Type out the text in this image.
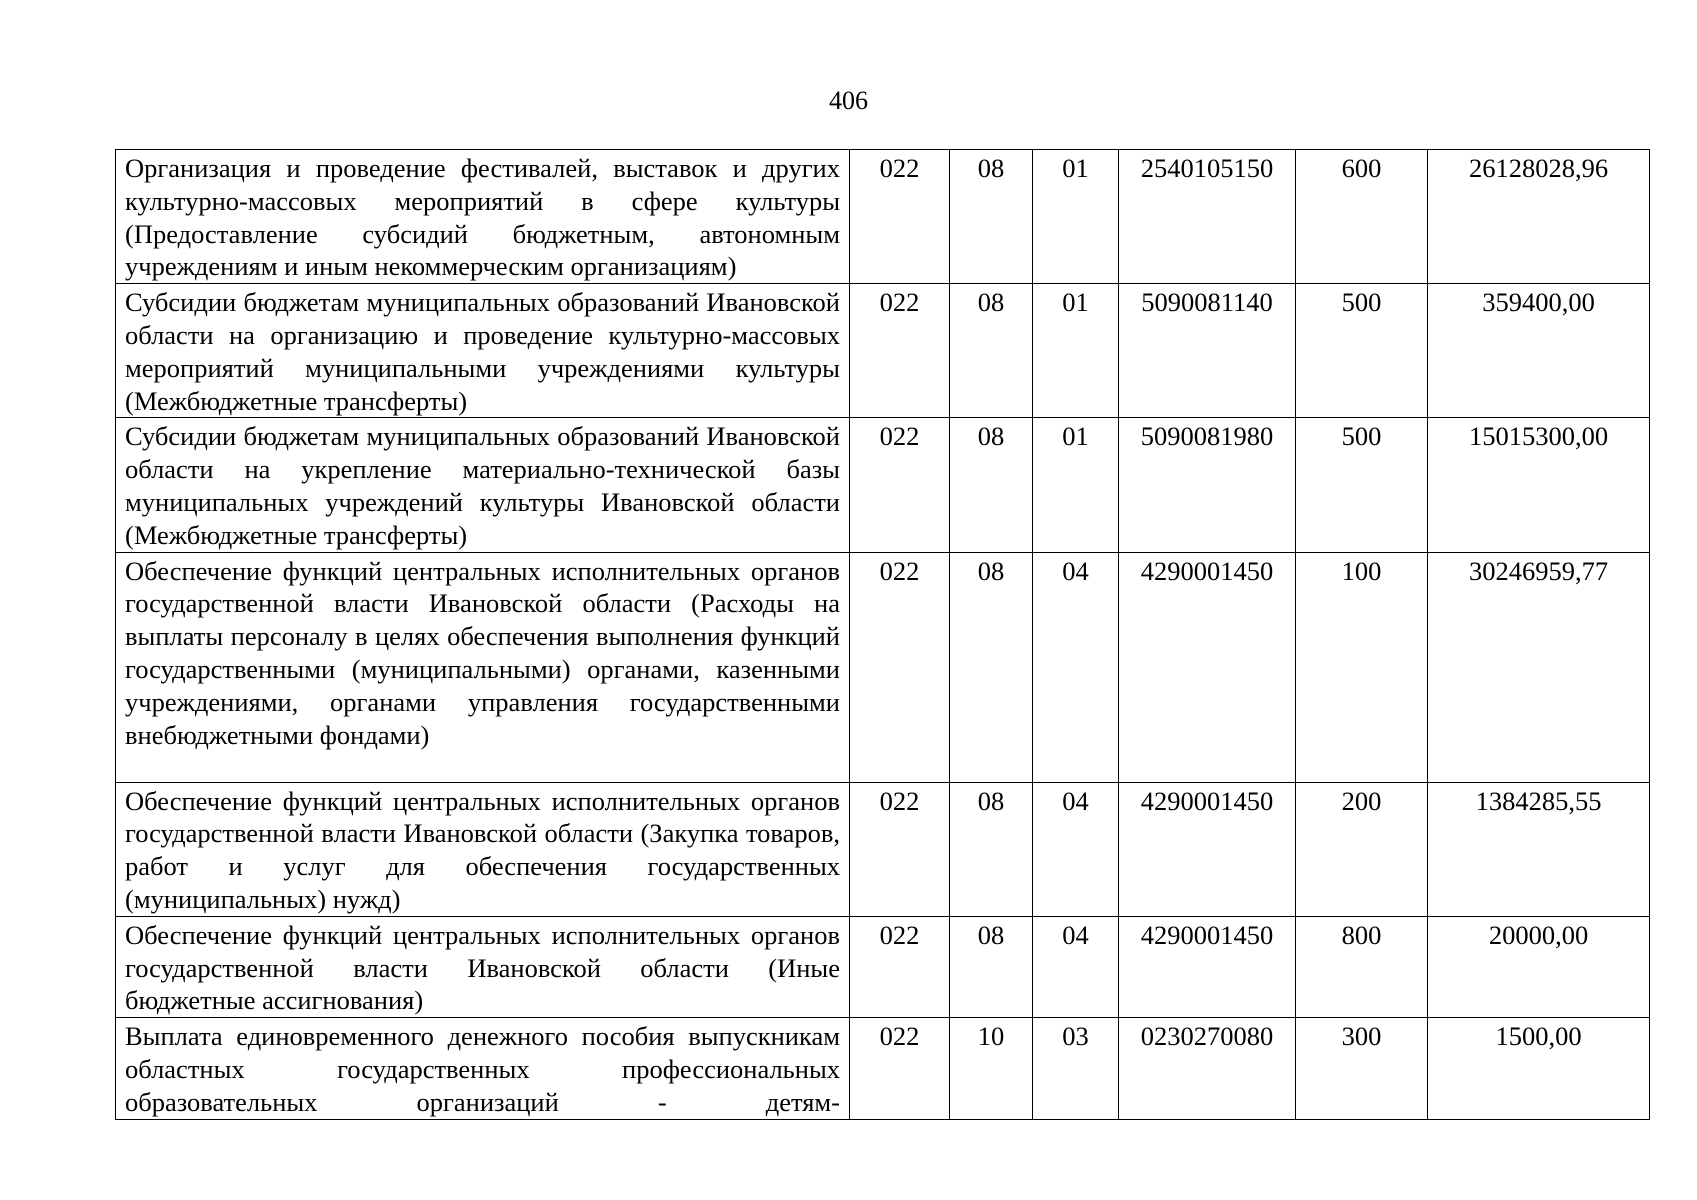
406
Организация и проведение фестивалей, выставок и других культурно-массовых мероприятий в сфере культуры (Предоставление субсидий бюджетным, автономным учреждениям и иным некоммерческим организациям)	022	08	01	2540105150	600	26128028,96
Субсидии бюджетам муниципальных образований Ивановской области на организацию и проведение культурно-массовых мероприятий муниципальными учреждениями культуры (Межбюджетные трансферты)	022	08	01	5090081140	500	359400,00
Субсидии бюджетам муниципальных образований Ивановской области на укрепление материально-технической базы муниципальных учреждений культуры Ивановской области (Межбюджетные трансферты)	022	08	01	5090081980	500	15015300,00
Обеспечение функций центральных исполнительных органов государственной власти Ивановской области (Расходы на выплаты персоналу в целях обеспечения выполнения функций государственными (муниципальными) органами, казенными учреждениями, органами управления государственными внебюджетными фондами)	022	08	04	4290001450	100	30246959,77
Обеспечение функций центральных исполнительных органов государственной власти Ивановской области (Закупка товаров, работ и услуг для обеспечения государственных (муниципальных) нужд)	022	08	04	4290001450	200	1384285,55
Обеспечение функций центральных исполнительных органов государственной власти Ивановской области (Иные бюджетные ассигнования)	022	08	04	4290001450	800	20000,00
Выплата единовременного денежного пособия выпускникам областных государственных профессиональных образовательных организаций - детям-	022	10	03	0230270080	300	1500,00
